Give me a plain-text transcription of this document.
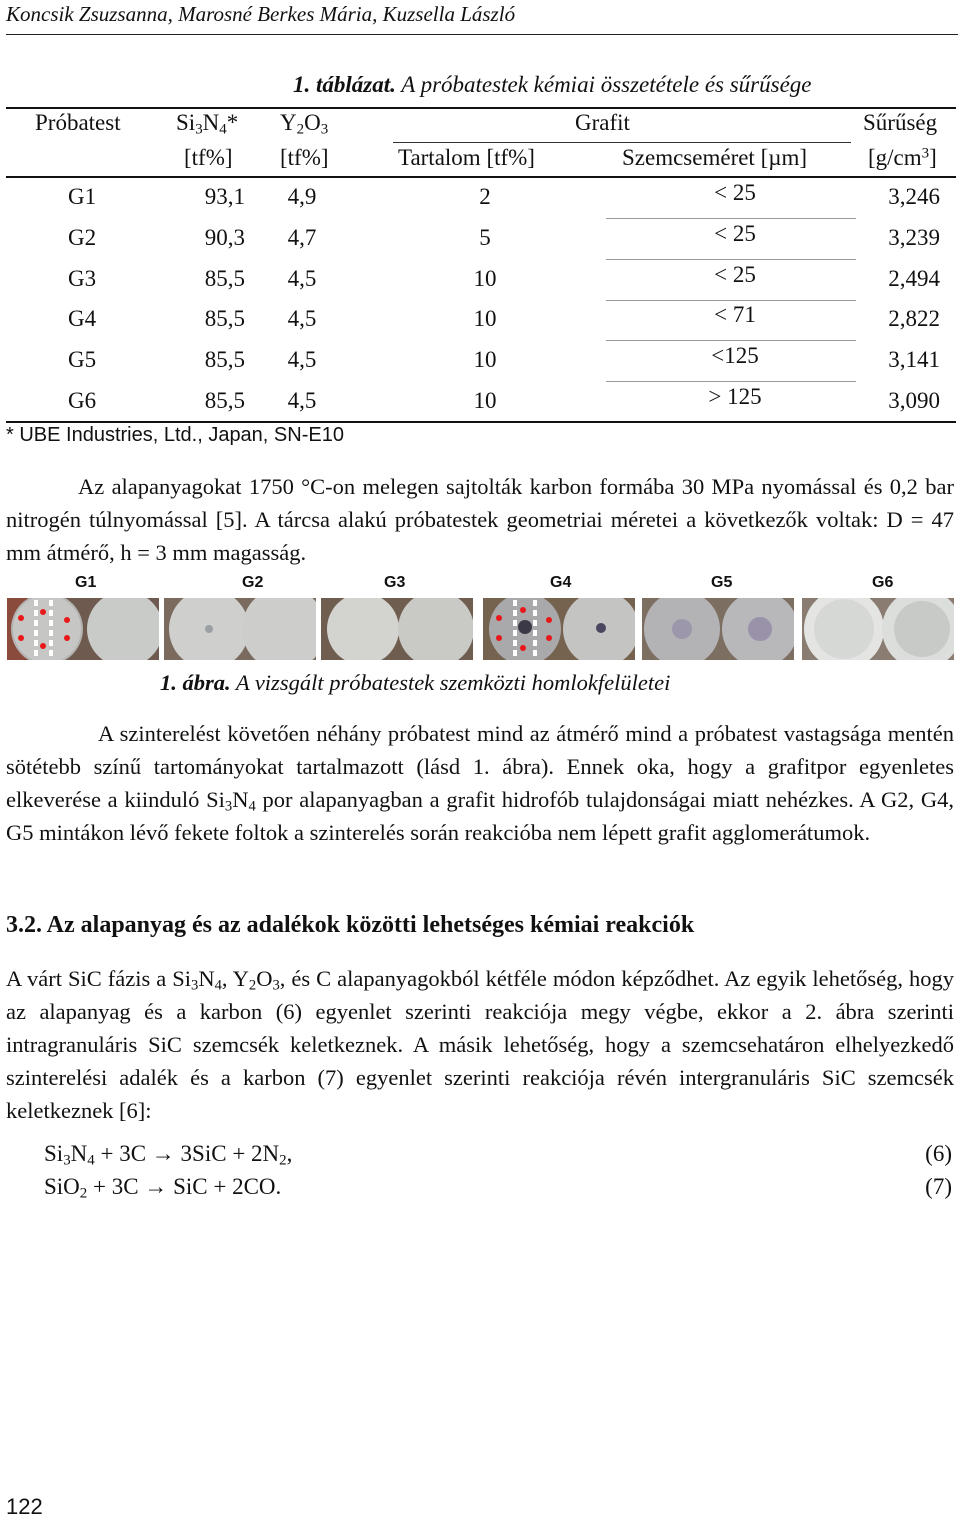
Koncsik Zsuzsanna, Marosné Berkes Mária, Kuzsella László
1. táblázat. A próbatestek kémiai összetétele és sűrűsége
Próbatest $Si_3N_4*$ $Y_2O_3$	Grafit	Sűrűség
[tf%] [tf%]	Tartalom [tf%]	Szemcseméret [µm]	$[g/cm^3]$
G1	93,1	4,9	2	< 25	3,246
G2	90,3	4,7	5	< 25	3,239
G3	85,5	4,5	10	< 25	2,494
G4	85,5	4,5	10	< 71	2,822
G5	85,5	4,5	10	<125	3,141
G6	85,5	4,5	10	> 125	3,090
* UBE Industries, Ltd., Japan, SN-E10
Az alapanyagokat 1750 °C-on melegen sajtolták karbon formába 30 MPa nyomással és 0,2 bar nitrogén túlnyomással [5]. A tárcsa alakú próbatestek geometriai méretei a következők voltak: D = 47 mm átmérő, h = 3 mm magasság.
G1	G2	G3	G4	G5	G6
1. ábra. A vizsgált próbatestek szemközti homlokfelületei
A szinterelést követően néhány próbatest mind az átmérő mind a próbatest vastagsága mentén sötétebb színű tartományokat tartalmazott (lásd 1. ábra). Ennek oka, hogy a grafitpor egyenletes elkeverése a kiinduló $Si_3N_4$ por alapanyagban a grafit hidrofób tulajdonságai miatt nehézkes. A G2, G4, G5 mintákon lévő fekete foltok a szinterelés során reakcióba nem lépett grafit agglomerátumok.
3.2. Az alapanyag és az adalékok közötti lehetséges kémiai reakciók
A várt SiC fázis a $Si_3N_4$, $Y_2O_3$, és C alapanyagokból kétféle módon képződhet. Az egyik lehetőség, hogy az alapanyag és a karbon (6) egyenlet szerinti reakciója megy végbe, ekkor a 2. ábra szerinti intragranuláris SiC szemcsék keletkeznek. A másik lehetőség, hogy a szemcsehatáron elhelyezkedő szinterelési adalék és a karbon (7) egyenlet szerinti reakciója révén intergranuláris SiC szemcsék keletkeznek [6]:
$Si_3N_4 + 3C \to 3SiC + 2N_2$,	(6)
SiO$_2$ + 3C → SiC + 2CO.	(7)
122
